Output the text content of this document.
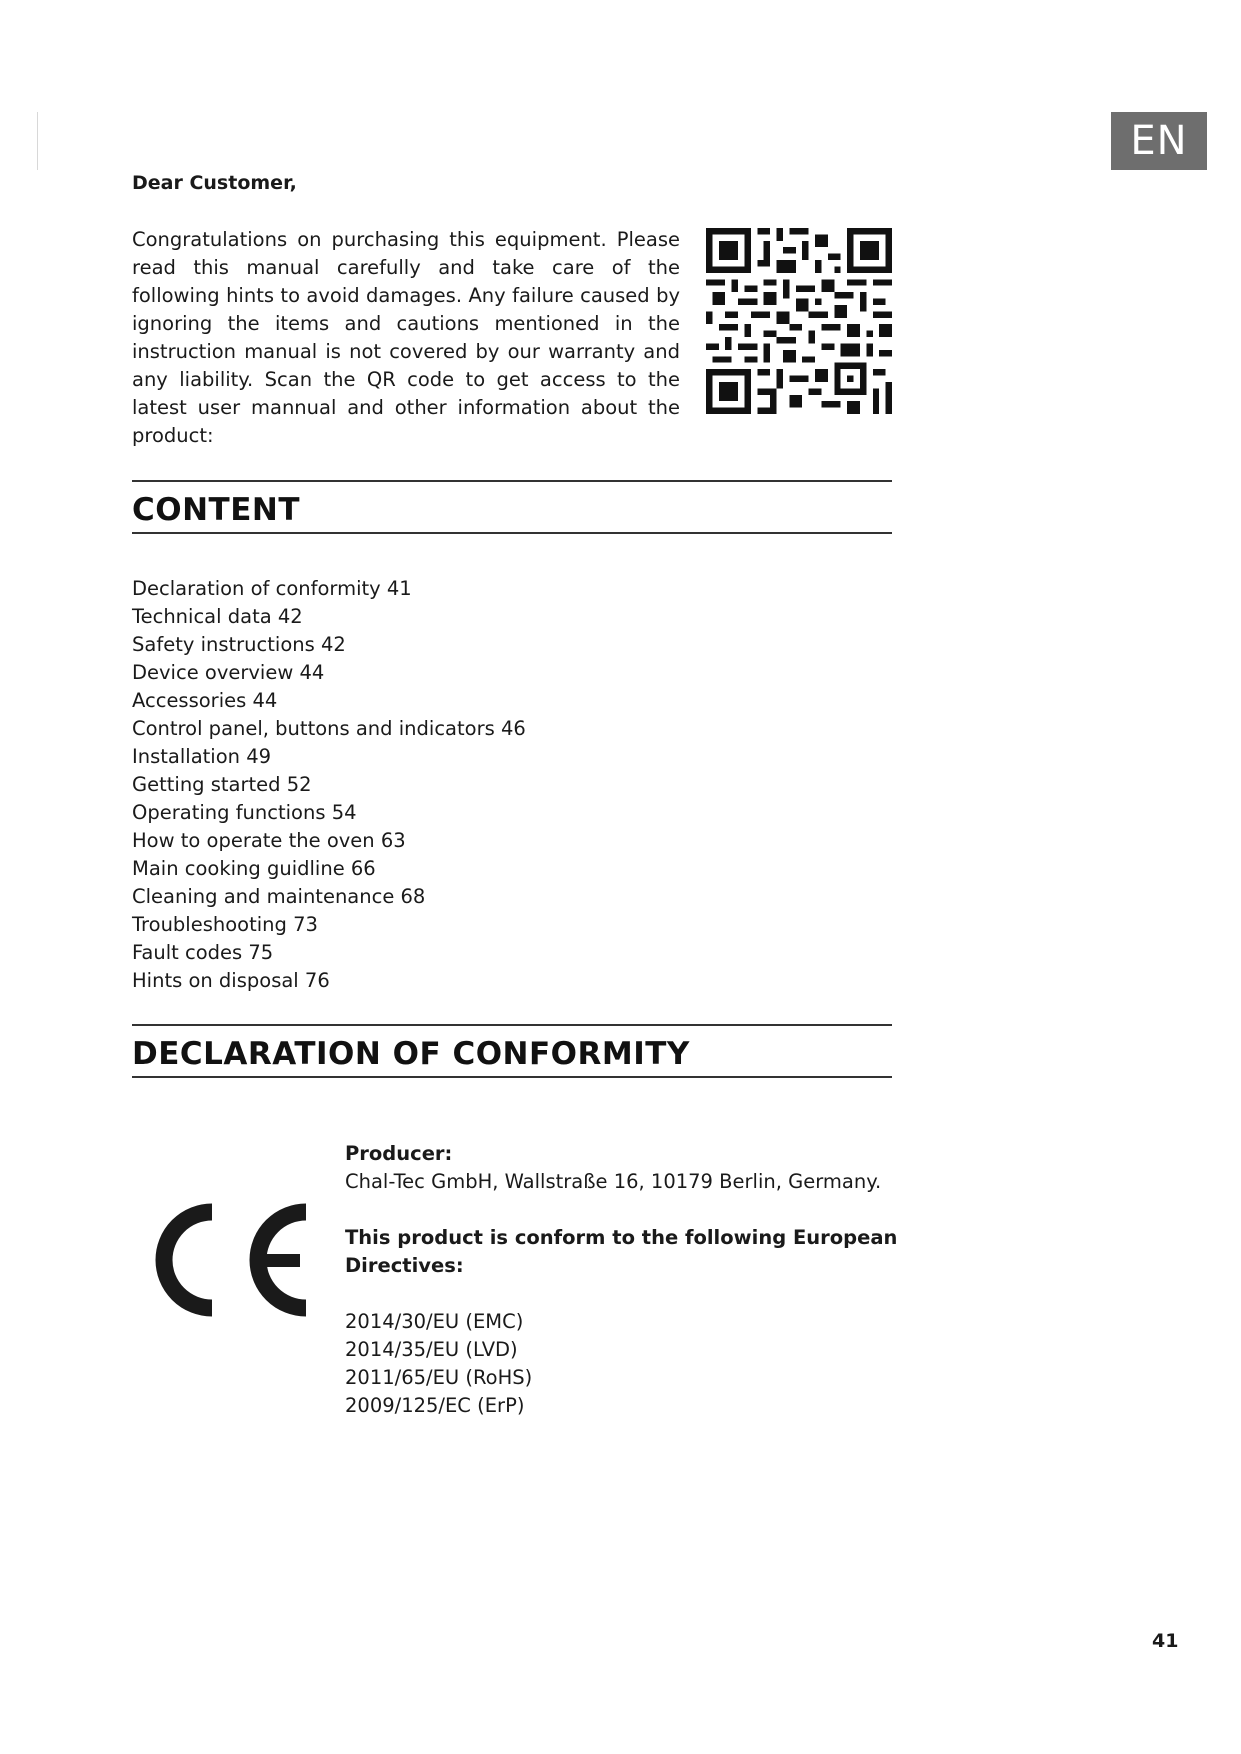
EN
Dear Customer,

Congratulations on purchasing this equipment. Please read this manual carefully and take care of the following hints to avoid damages. Any failure caused by ignoring the items and cautions mentioned in the instruction manual is not covered by our warranty and any liability. Scan the QR code to get access to the latest user mannual and other information about the product:

CONTENT
Declaration of conformity 41
Technical data 42
Safety instructions 42
Device overview 44
Accessories 44
Control panel, buttons and indicators 46
Installation 49
Getting started 52
Operating functions 54
How to operate the oven 63
Main cooking guidline 66
Cleaning and maintenance 68
Troubleshooting 73
Fault codes 75
Hints on disposal 76
DECLARATION OF CONFORMITY
Producer:
Chal-Tec GmbH, Wallstraße 16, 10179 Berlin, Germany.
This product is conform to the following European
Directives:
2014/30/EU (EMC)
2014/35/EU (LVD)
2011/65/EU (RoHS)
2009/125/EC (ErP)
41
